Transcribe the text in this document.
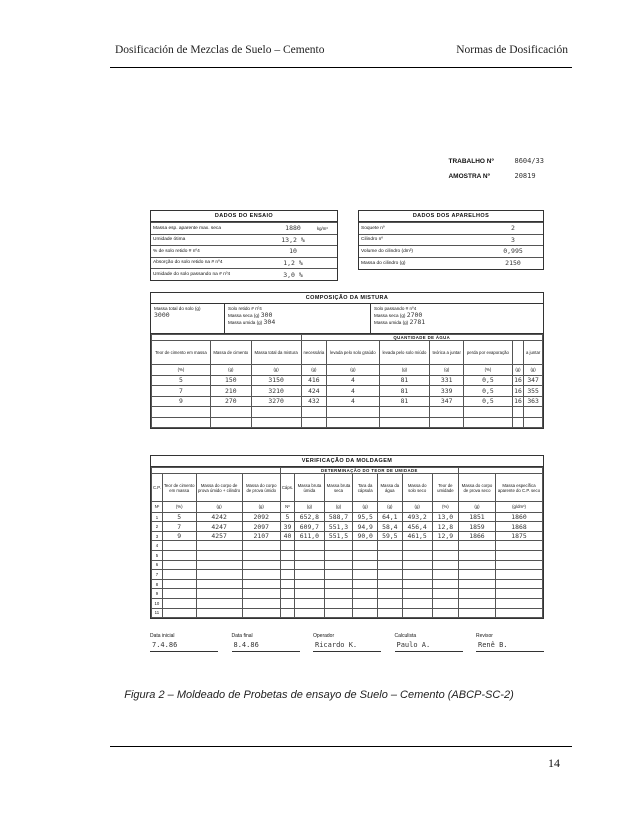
Dosificación de Mezclas de Suelo – Cemento	Normas de Dosificación
TRABALHO Nº	8604/33
AMOSTRA Nº	20819
DADOS DO ENSAIO
Massa esp. aparente max. seca	1880	kg/m³
Umidade ótima	13,2 %	
% de solo retido # nº4	10	
Absorção do solo retido na # nº4	1,2 %	
Umidade do solo passando na # nº4	3,0 %	
DADOS DOS APARELHOS
Soquete nº	2
Cilindro nº	3
Volume do cilindro (dm³)	0,995
Massa do cilindro (g)	2150
COMPOSIÇÃO DA MISTURA
Massa total do solo (g)
3000
Solo retido # nº4
Massa seca (g) 300
Massa umida (g) 304
Solo passando # nº4
Massa seca (g) 2700
Massa umida (g) 2781
			QUANTIDADE DE ÁGUA						
Teor de cimento em massa	Massa de cimento	Massa total da mistura	necessária	levada pelo solo graúdo	levada pelo solo miúdo	teórica a juntar	perda por evaporação		a juntar
(%)	(g)	(g)	(g)	(g)	(g)	(g)	(%)	(g)	(g)
5	150	3150	416	4	81	331	0,5	16	347
7	210	3210	424	4	81	339	0,5	16	355
9	270	3270	432	4	81	347	0,5	16	363

VERIFICAÇÃO DA MOLDAGEM
				DETERMINAÇÃO DO TEOR DE UMIDADE								
C.P.	Teor de cimento em massa	Massa do corpo de prova úmido + cilindro	Massa do corpo de prova úmido	Cáps.	Massa bruta úmida	Massa bruta seca	Tara da cápsula	Massa da água	Massa do solo seco	Teor de umidade	Massa do corpo de prova seco	Massa específica aparente do C.P. seco
Nº	(%)	(g)	(g)	Nº	(g)	(g)	(g)	(g)	(g)	(%)	(g)	(g/dm³)
1	5	4242	2092	5	652,8	588,7	95,5	64,1	493,2	13,0	1851	1860
2	7	4247	2097	39	609,7	551,3	94,9	58,4	456,4	12,8	1859	1868
3	9	4257	2107	40	611,0	551,5	90,0	59,5	461,5	12,9	1866	1875
4												
5												
6												
7												
8												
9												
10												
11												
Data inicial
7.4.86
Data final
8.4.86
Operador
Ricardo K.
Calculista
Paulo A.
Revisor
Renê B.
Figura 2 – Moldeado de Probetas de ensayo de Suelo – Cemento (ABCP-SC-2)
14
